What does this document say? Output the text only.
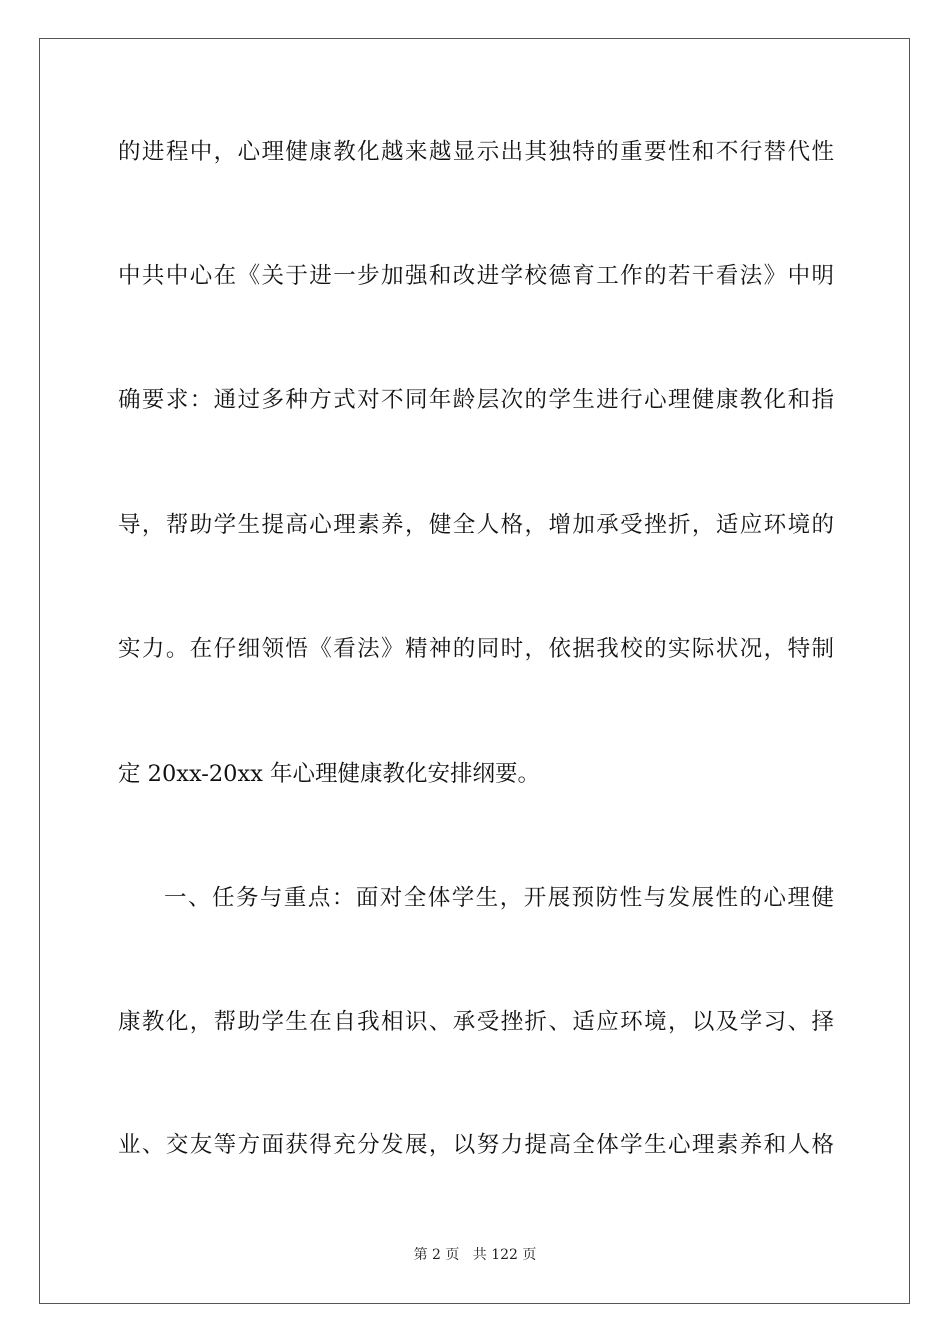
的进程中，心理健康教化越来越显示出其独特的重要性和不行替代性
中共中心在《关于进一步加强和改进学校德育工作的若干看法》中明
确要求：通过多种方式对不同年龄层次的学生进行心理健康教化和指
导，帮助学生提高心理素养，健全人格，增加承受挫折，适应环境的
实力。在仔细领悟《看法》精神的同时，依据我校的实际状况，特制
定 20xx-20xx 年心理健康教化安排纲要。
一、任务与重点：面对全体学生，开展预防性与发展性的心理健
康教化，帮助学生在自我相识、承受挫折、适应环境，以及学习、择
业、交友等方面获得充分发展，以努力提高全体学生心理素养和人格
第 2 页 共 122 页
